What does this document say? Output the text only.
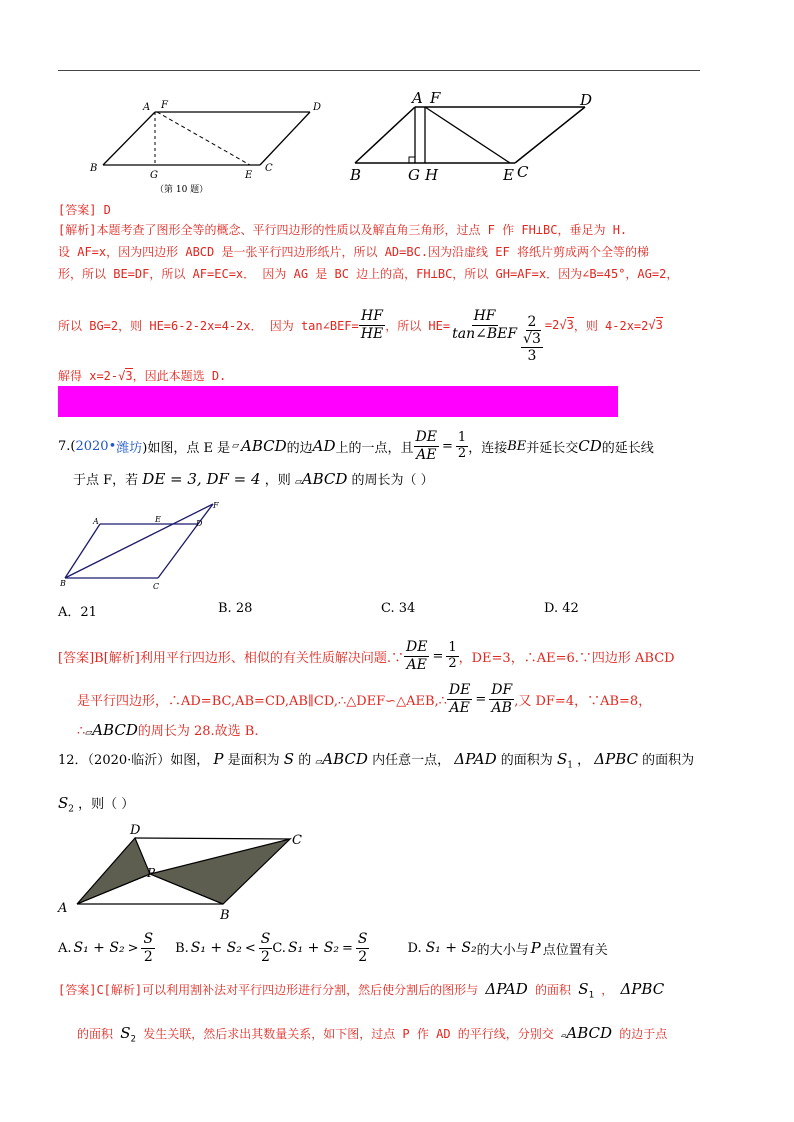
A F	D
B
G	E
C
（第 10 题）
A F	D
B	G H	E C
[答案] D
[解析]本题考查了图形全等的概念、平行四边形的性质以及解直角三角形，过点 F 作 FH⊥BC，垂足为 H.
设 AF=x，因为四边形 ABCD 是一张平行四边形纸片，所以 AD=BC.因为沿虚线 EF 将纸片剪成两个全等的梯
形，所以 BE=DF，所以 AF=EC=x． 因为 AG 是 BC 边上的高，FH⊥BC，所以 GH=AF=x．因为∠B=45°，AG=2，
所以 BG=2，则 HE=6-2-2x=4-2x． 因为 tan∠BEF= $\frac{HF}{HE}$ ，所以 $HE= \frac{HF}{\text{tan∠BEF}} 2$
√3
3 =2 √3 ，则 4-2x=2 √3
解得 x=2-√3，因此本题选 D.
7.( 2020 • 潍坊 )如图，点 E 是 ▱ ABCD 的边 AD 上的一点，且 $\frac{DE}{AE} = \frac{1}{2}$ ，连接 BE 并延长交 CD 的延长线
于点 F，若 DE = 3, DF = 4 ，则 ▱ABCD 的周长为（ ）
A	E
F
D
B	C
A．21	B. 28	C. 34	D. 42
[答案]B[解析]利用平行四边形、相似的有关性质解决问题.∵ $\frac{DE}{AE} = \frac{1}{2}$ ，DE=3，∴AE=6.∵四边形 ABCD
是平行四边形，∴AD=BC,AB=CD,AB∥CD,∴△DEF∽△AEB,∴ $\frac{DE}{AE} = \frac{DF}{AB}$ ,又 DF=4，∵AB=8，
∴▱ABCD的周长为 28.故选 B.
12．（2020·临沂）如图， P 是面积为 S 的 ▱ABCD 内任意一点， ΔPAD 的面积为 $S_1$ ， ΔPBC 的面积为
$S_2$ ，则（ ）
D
C
A	B
P
A. $S_1 + S_2 > \frac{S}{2} B$. $S_1 + S_2 < \frac{S}{2} C$. $S_1 + S_2 = \frac{S}{2}$	D. S₁ + S₂ 的大小与 P 点位置有关
[答案]C[解析]可以利用割补法对平行四边形进行分割，然后使分割后的图形与 ΔPAD 的面积 $S_1$ ， ΔPBC
的面积 $S_2$ 发生关联，然后求出其数量关系，如下图，过点 P 作 AD 的平行线，分别交 ▱ABCD 的边于点
